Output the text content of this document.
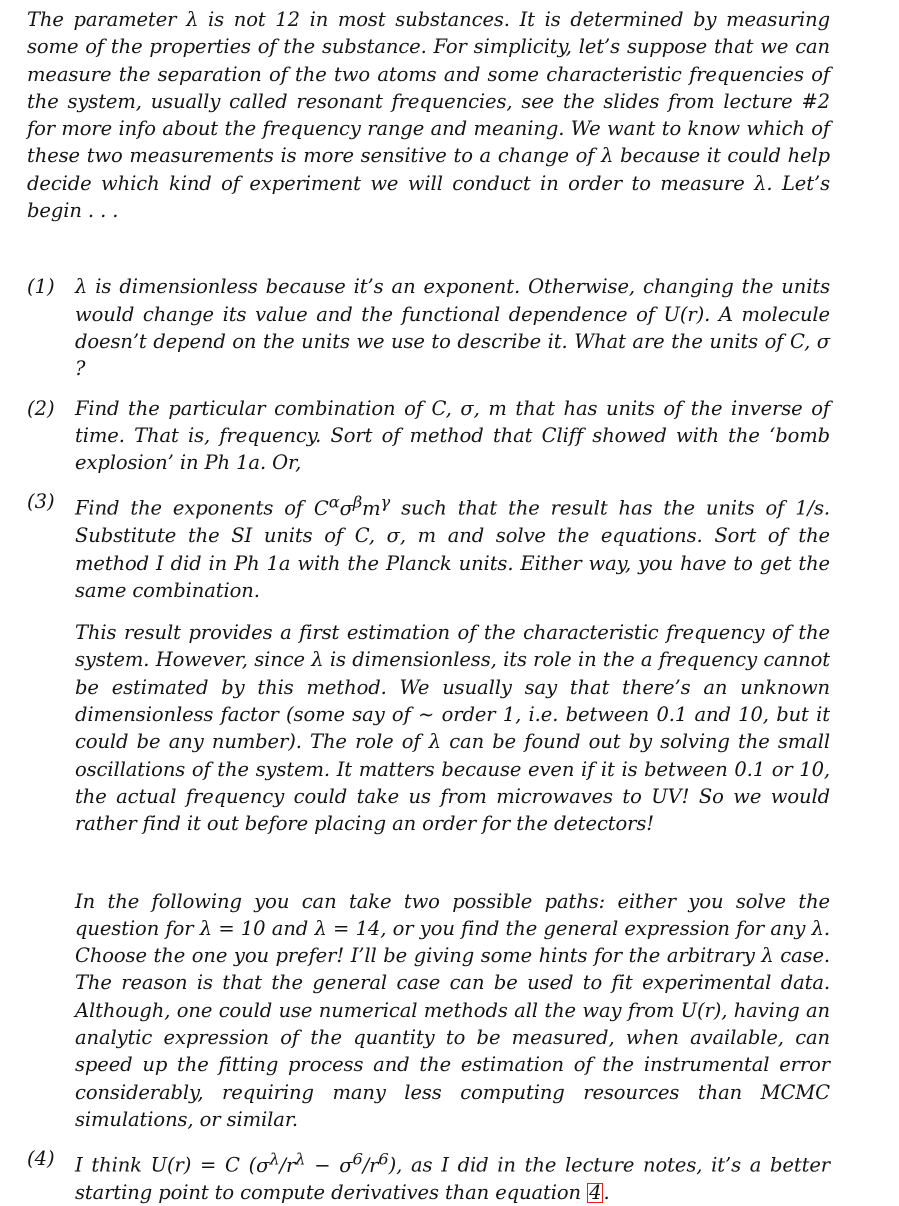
The parameter λ is not 12 in most substances. It is determined by measuring some of the properties of the substance. For simplicity, let’s suppose that we can measure the separation of the two atoms and some characteristic frequencies of the system, usually called resonant frequencies, see the slides from lecture #2 for more info about the frequency range and meaning. We want to know which of these two measurements is more sensitive to a change of λ because it could help decide which kind of experiment we will conduct in order to measure λ. Let’s begin . . .

(1)	λ is dimensionless because it’s an exponent. Otherwise, changing the units would change its value and the functional dependence of U(r). A molecule doesn’t depend on the units we use to describe it. What are the units of C, σ ?

(2)	Find the particular combination of C, σ, m that has units of the inverse of time. That is, frequency. Sort of method that Cliff showed with the ‘bomb explosion’ in Ph 1a. Or,

(3)	Find the exponents of $C^\alpha\sigma^\beta m^\gamma$ such that the result has the units of 1/s. Substitute the SI units of C, σ, m and solve the equations. Sort of the method I did in Ph 1a with the Planck units. Either way, you have to get the same combination.

This result provides a first estimation of the characteristic frequency of the system. However, since λ is dimensionless, its role in the a frequency cannot be estimated by this method. We usually say that there’s an unknown dimensionless factor (some say of ∼ order 1, i.e. between 0.1 and 10, but it could be any number). The role of λ can be found out by solving the small oscillations of the system. It matters because even if it is between 0.1 or 10, the actual frequency could take us from microwaves to UV! So we would rather find it out before placing an order for the detectors!

In the following you can take two possible paths: either you solve the question for λ = 10 and λ = 14, or you find the general expression for any λ. Choose the one you prefer! I’ll be giving some hints for the arbitrary λ case. The reason is that the general case can be used to fit experimental data. Although, one could use numerical methods all the way from U(r), having an analytic expression of the quantity to be measured, when available, can speed up the fitting process and the estimation of the instrumental error considerably, requiring many less computing resources than MCMC simulations, or similar.

(4)	I think U(r) = C $(\sigma^\lambda/r^\lambda - \sigma^6/r^6)$, as I did in the lecture notes, it’s a better starting point to compute derivatives than equation 4 .
